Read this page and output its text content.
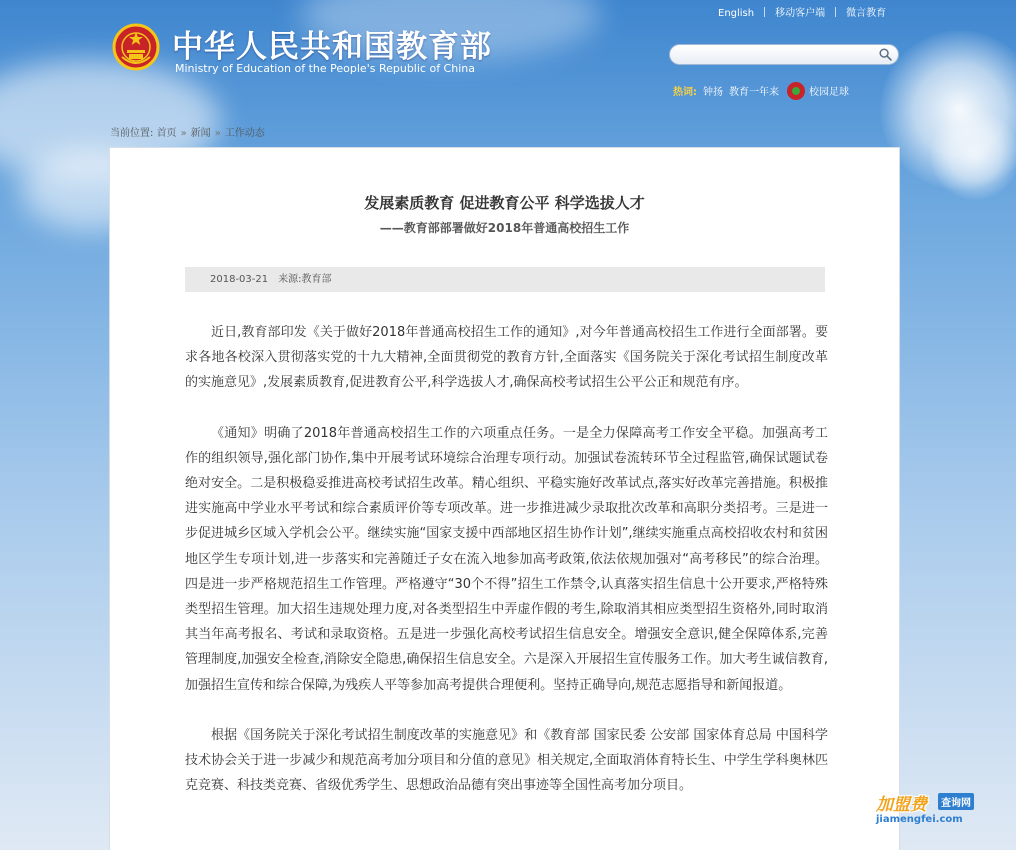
English 移动客户端 微言教育
中华人民共和国教育部
Ministry of Education of the People's Republic of China
热词: 钟扬 教育一年来	校园足球
当前位置: 首页 » 新闻 » 工作动态
发展素质教育 促进教育公平 科学选拔人才
——教育部部署做好2018年普通高校招生工作
2018-03-21 来源:教育部

近日,教育部印发《关于做好2018年普通高校招生工作的通知》,对今年普通高校招生工作进行全面部署。要求各地各校深入贯彻落实党的十九大精神,全面贯彻党的教育方针,全面落实《国务院关于深化考试招生制度改革的实施意见》,发展素质教育,促进教育公平,科学选拔人才,确保高校考试招生公平公正和规范有序。

《通知》明确了2018年普通高校招生工作的六项重点任务。一是全力保障高考工作安全平稳。加强高考工作的组织领导,强化部门协作,集中开展考试环境综合治理专项行动。加强试卷流转环节全过程监管,确保试题试卷绝对安全。二是积极稳妥推进高校考试招生改革。精心组织、平稳实施好改革试点,落实好改革完善措施。积极推进实施高中学业水平考试和综合素质评价等专项改革。进一步推进减少录取批次改革和高职分类招考。三是进一步促进城乡区域入学机会公平。继续实施“国家支援中西部地区招生协作计划”,继续实施重点高校招收农村和贫困地区学生专项计划,进一步落实和完善随迁子女在流入地参加高考政策,依法依规加强对“高考移民”的综合治理。四是进一步严格规范招生工作管理。严格遵守“30个不得”招生工作禁令,认真落实招生信息十公开要求,严格特殊类型招生管理。加大招生违规处理力度,对各类型招生中弄虚作假的考生,除取消其相应类型招生资格外,同时取消其当年高考报名、考试和录取资格。五是进一步强化高校考试招生信息安全。增强安全意识,健全保障体系,完善管理制度,加强安全检查,消除安全隐患,确保招生信息安全。六是深入开展招生宣传服务工作。加大考生诚信教育,加强招生宣传和综合保障,为残疾人平等参加高考提供合理便利。坚持正确导向,规范志愿指导和新闻报道。

根据《国务院关于深化考试招生制度改革的实施意见》和《教育部 国家民委 公安部 国家体育总局 中国科学技术协会关于进一步减少和规范高考加分项目和分值的意见》相关规定,全面取消体育特长生、中学生学科奥林匹克竞赛、科技类竞赛、省级优秀学生、思想政治品德有突出事迹等全国性高考加分项目。

加盟费	查询网
jiamengfei.com
